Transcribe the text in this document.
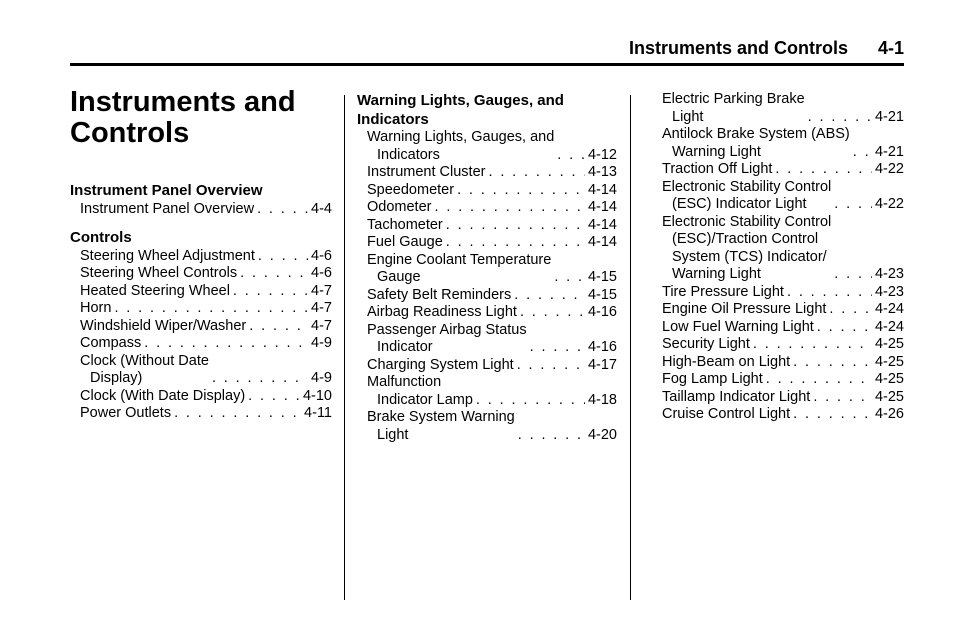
Instruments and Controls 4-1
Instruments and Controls
Instrument Panel Overview
Instrument Panel Overview . . .	4-4
Controls
Steering Wheel Adjustment . . .	4-6
Steering Wheel Controls . . .	4-6
Heated Steering Wheel . . .	4-7
Horn . . .	4-7
Windshield Wiper/Washer . . .	4-7
Compass . . .	4-9
Clock (Without Date
Display) . . .	4-9
Clock (With Date Display) . . .	4-10
Power Outlets . . .	4-11
Warning Lights, Gauges, and Indicators
Warning Lights, Gauges, and
Indicators . . .	4-12
Instrument Cluster . . .	4-13
Speedometer . . .	4-14
Odometer . . .	4-14
Tachometer . . .	4-14
Fuel Gauge . . .	4-14
Engine Coolant Temperature
Gauge . . .	4-15
Safety Belt Reminders . . .	4-15
Airbag Readiness Light . . .	4-16
Passenger Airbag Status
Indicator . . .	4-16
Charging System Light . . .	4-17
Malfunction
Indicator Lamp . . .	4-18
Brake System Warning
Light . . .	4-20
Electric Parking Brake
Light . . .	4-21
Antilock Brake System (ABS)
Warning Light . . .	4-21
Traction Off Light . . .	4-22
Electronic Stability Control
(ESC) Indicator Light . . .	4-22
Electronic Stability Control
(ESC)/Traction Control
System (TCS) Indicator/
Warning Light . . .	4-23
Tire Pressure Light . . .	4-23
Engine Oil Pressure Light . . .	4-24
Low Fuel Warning Light . . .	4-24
Security Light . . .	4-25
High-Beam on Light . . .	4-25
Fog Lamp Light . . .	4-25
Taillamp Indicator Light . . .	4-25
Cruise Control Light . . .	4-26
